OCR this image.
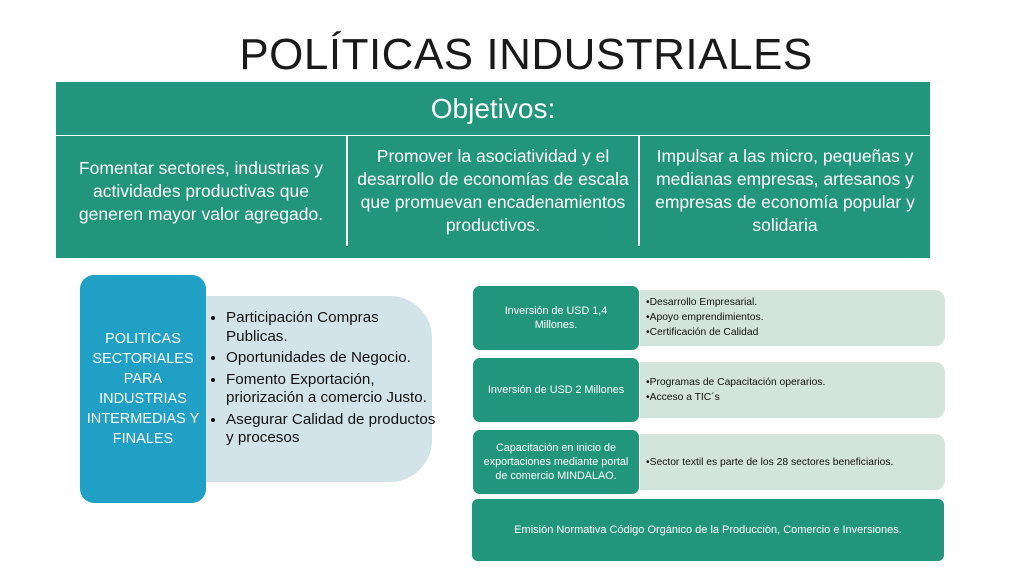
POLÍTICAS INDUSTRIALES
Objetivos:
Fomentar sectores, industrias y actividades productivas que generen mayor valor agregado.
Promover la asociatividad y el desarrollo de economías de escala que promuevan encadenamientos productivos.
Impulsar a las micro, pequeñas y medianas empresas, artesanos y empresas de economía popular y solidaria
• Participación Compras Publicas.
• Oportunidades de Negocio.
• Fomento Exportación, priorización a comercio Justo.
• Asegurar Calidad de productos y procesos
POLITICAS SECTORIALES PARA INDUSTRIAS INTERMEDIAS Y FINALES
•Desarrollo Empresarial.
•Apoyo emprendimientos.
•Certificación de Calidad
Inversión de USD 1,4 Millones.
•Programas de Capacitación operarios.
•Acceso a TIC´s
Inversión de USD 2 Millones
•Sector textil es parte de los 28 sectores beneficiarios.
Capacitación en inicio de exportaciones mediante portal de comercio MINDALAO.
Emisión Normativa Código Orgánico de la Producción, Comercio e Inversiones.
